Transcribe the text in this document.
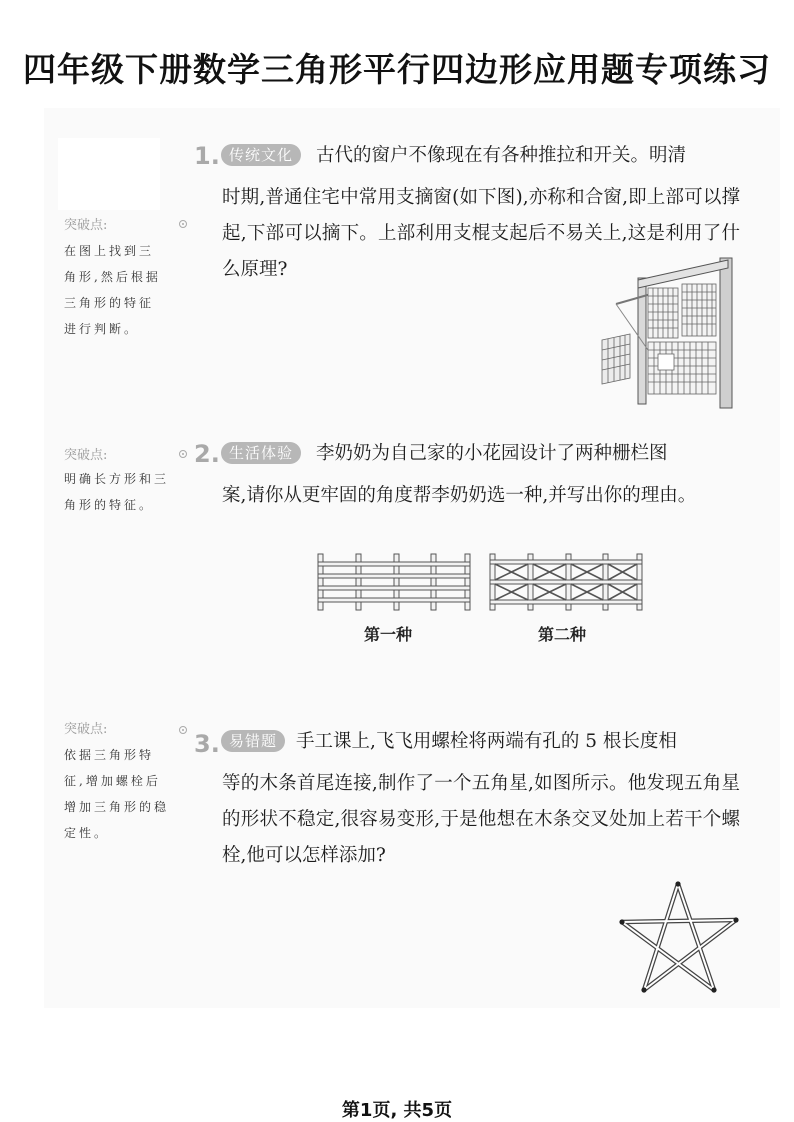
四年级下册数学三角形平行四边形应用题专项练习
突破点:
在图上找到三
角形,然后根据
三角形的特征
进行判断。
1. 传统文化	古代的窗户不像现在有各种推拉和开关。明清
时期,普通住宅中常用支摘窗(如下图),亦称和合窗,即上部可以撑起,下部可以摘下。上部利用支棍支起后不易关上,这是利用了什么原理?
突破点:
明确长方形和三
角形的特征。
2. 生活体验	李奶奶为自己家的小花园设计了两种栅栏图
案,请你从更牢固的角度帮李奶奶选一种,并写出你的理由。
第一种	第二种
突破点:
依据三角形特
征,增加螺栓后
增加三角形的稳
定性。
3. 易错题	手工课上,飞飞用螺栓将两端有孔的 5 根长度相
等的木条首尾连接,制作了一个五角星,如图所示。他发现五角星的形状不稳定,很容易变形,于是他想在木条交叉处加上若干个螺栓,他可以怎样添加?
第1页, 共5页
